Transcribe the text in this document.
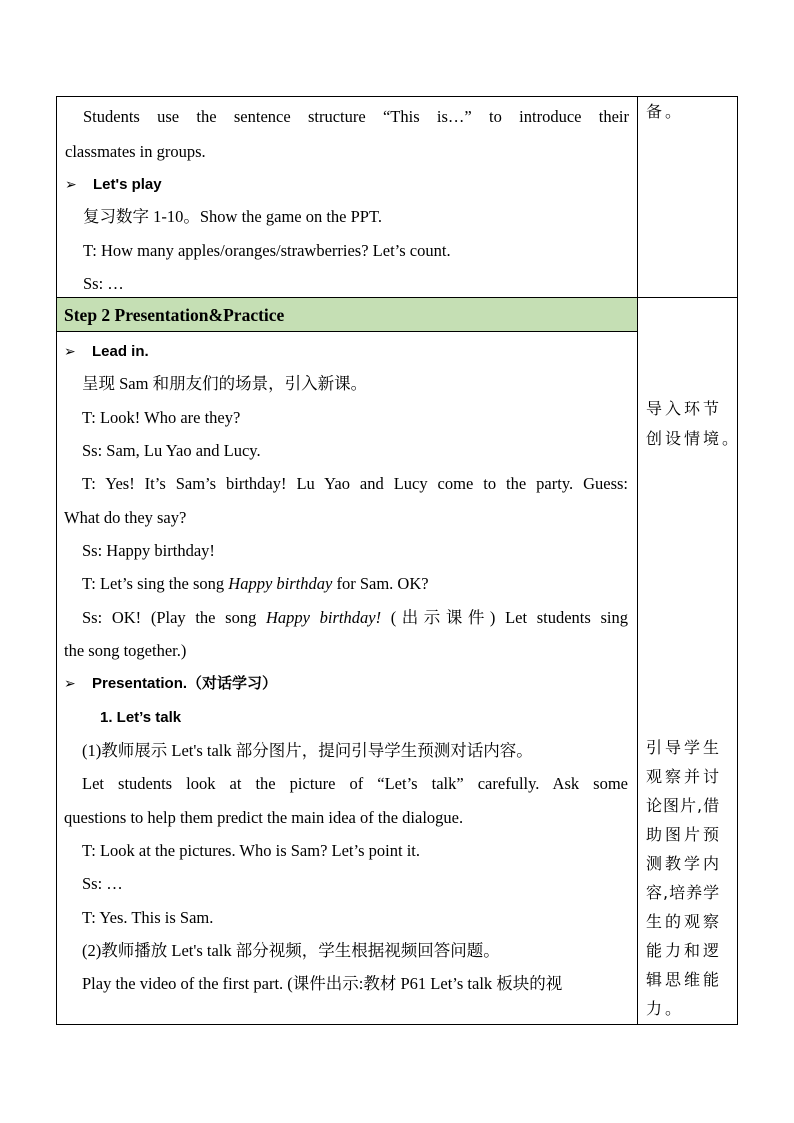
Students use the sentence structure “This is…” to introduce their
classmates in groups.
➢ Let's play
复习数字 1-10。Show the game on the PPT.
T: How many apples/oranges/strawberries? Let’s count.
Ss: …
备。
导入环节
创设情境。
引导学生
观察并讨
论图片,借
助图片预
测教学内
容,培养学
生的观察
能力和逻
辑思维能
力。
Step 2 Presentation&Practice
➢ Lead in.
呈现 Sam 和朋友们的场景，引入新课。
T: Look! Who are they?
Ss: Sam, Lu Yao and Lucy.
T: Yes! It’s Sam’s birthday! Lu Yao and Lucy come to the party. Guess:
What do they say?
Ss: Happy birthday!
T: Let’s sing the song Happy birthday for Sam. OK?
Ss: OK! (Play the song Happy birthday! (出示课件) Let students sing
the song together.)
➢ Presentation.（对话学习）
1. Let’s talk
(1)教师展示 Let's talk 部分图片，提问引导学生预测对话内容。
Let students look at the picture of “Let’s talk” carefully. Ask some
questions to help them predict the main idea of the dialogue.
T: Look at the pictures. Who is Sam? Let’s point it.
Ss: …
T: Yes. This is Sam.
(2)教师播放 Let's talk 部分视频，学生根据视频回答问题。
Play the video of the first part. (课件出示:教材 P61 Let’s talk 板块的视
